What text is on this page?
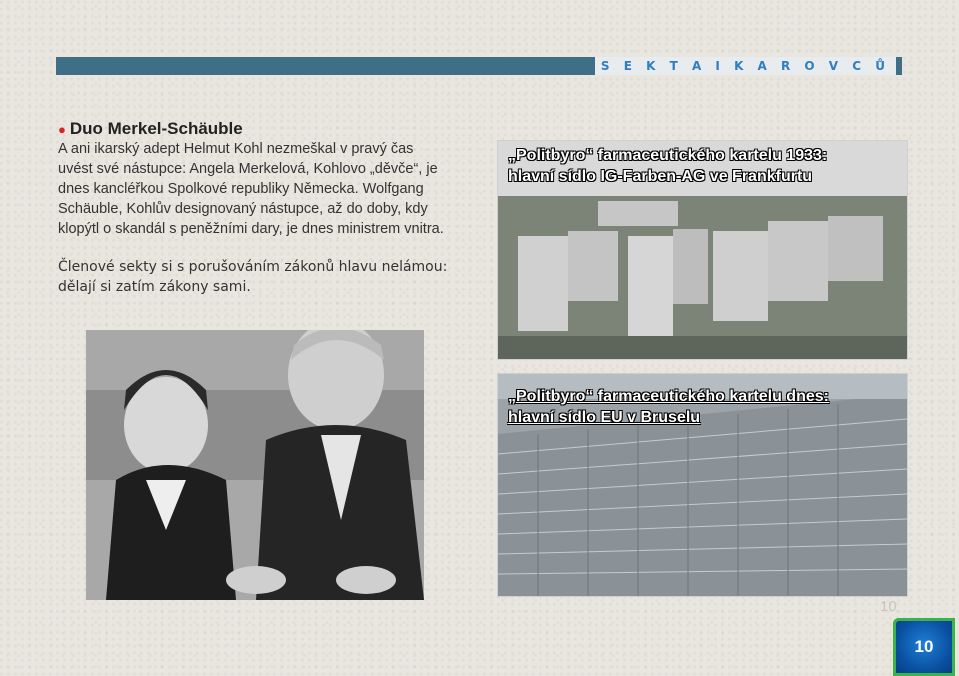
S E K T A I K A R O V C Ů
● Duo Merkel-Schäuble
A ani ikarský adept Helmut Kohl nezmeškal v pravý čas uvést své nástupce: Angela Merkelová, Kohlovo „děvče“, je dnes kancléřkou Spolkové republiky Německa. Wolfgang Schäuble, Kohlův designovaný nástupce, až do doby, kdy klopýtl o skandál s peněžními dary, je dnes ministrem vnitra.
Členové sekty si s porušováním zákonů hlavu nelámou: dělají si zatím zákony sami.
„Politbyro“ farmaceutického kartelu 1933:
hlavní sídlo IG-Farben-AG ve Frankfurtu
„Politbyro“ farmaceutického kartelu dnes:
hlavní sídlo EU v Bruselu
10
10
